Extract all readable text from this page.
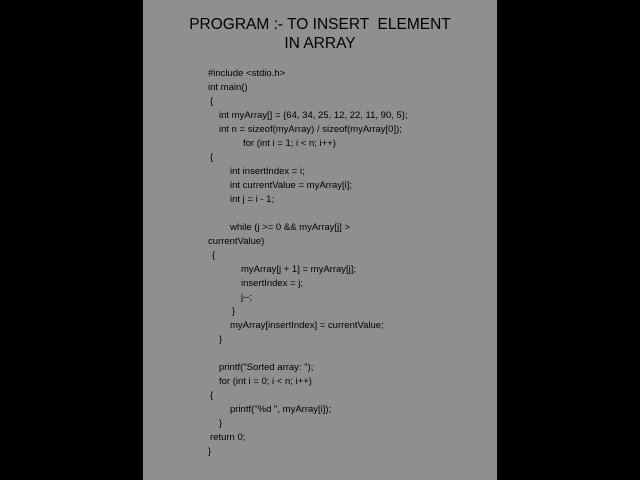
PROGRAM :- TO INSERT  ELEMENT
IN ARRAY
#include <stdio.h>
int main()
{
int myArray[] = {64, 34, 25, 12, 22, 11, 90, 5};
int n = sizeof(myArray) / sizeof(myArray[0]);
for (int i = 1; i < n; i++)
{
int insertIndex = i;
int currentValue = myArray[i];
int j = i - 1;
while (j >= 0 && myArray[j] >
currentValue)
{
myArray[j + 1] = myArray[j];
insertIndex = j;
j--;
}
myArray[insertIndex] = currentValue;
}
printf("Sorted array: ");
for (int i = 0; i < n; i++)
{
printf("%d ", myArray[i]);
}
return 0;
}
